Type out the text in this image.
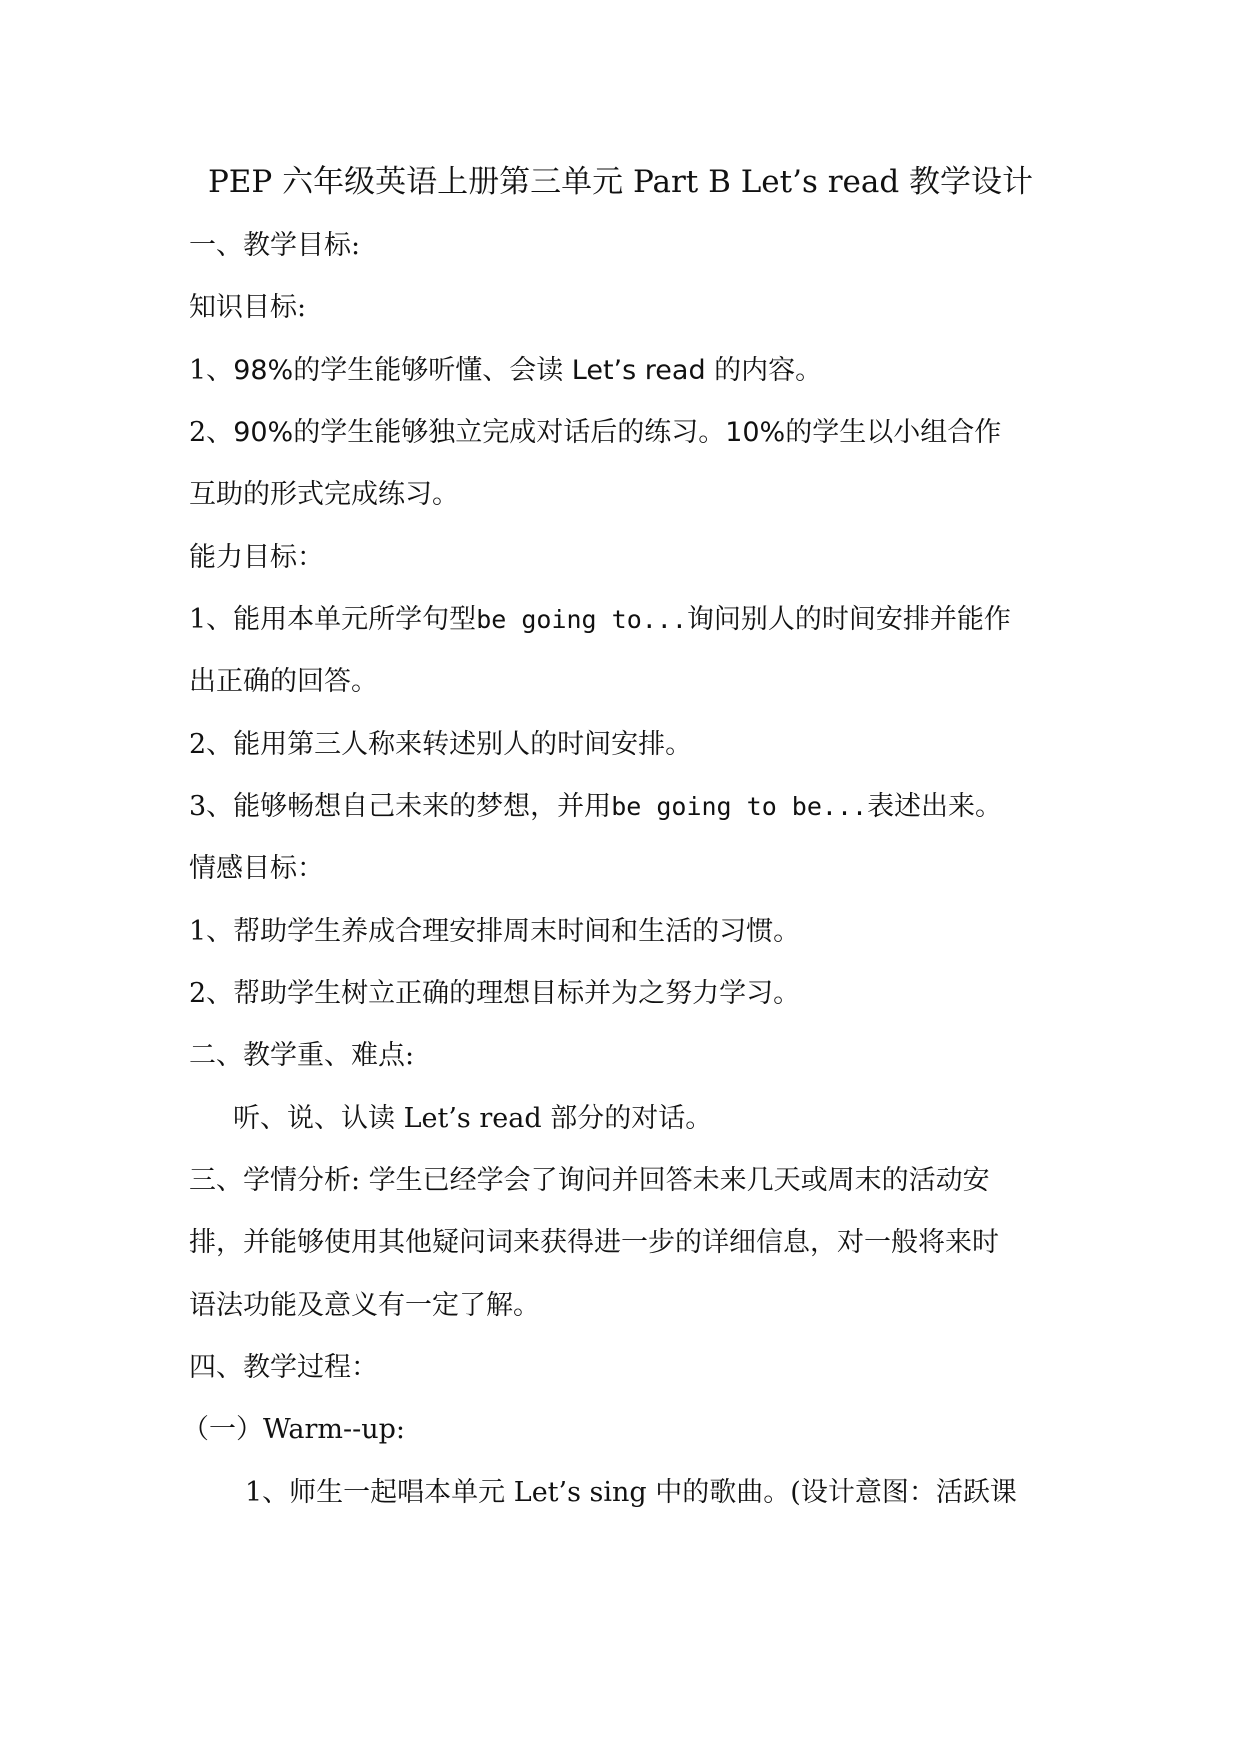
PEP 六年级英语上册第三单元 Part B Let’s read 教学设计
一、教学目标:
知识目标:
1、98%的学生能够听懂、会读 Let’s read 的内容。
2、90%的学生能够独立完成对话后的练习。10%的学生以小组合作
互助的形式完成练习。
能力目标：
1、能用本单元所学句型be going to...询问别人的时间安排并能作
出正确的回答。
2、能用第三人称来转述别人的时间安排。
3、能够畅想自己未来的梦想，并用be going to be...表述出来。
情感目标：
1、帮助学生养成合理安排周末时间和生活的习惯。
2、帮助学生树立正确的理想目标并为之努力学习。
二、教学重、难点:
听、说、认读 Let’s read 部分的对话。
三、学情分析: 学生已经学会了询问并回答未来几天或周末的活动安
排，并能够使用其他疑问词来获得进一步的详细信息，对一般将来时
语法功能及意义有一定了解。
四、教学过程：
（一）Warm--up:
1、师生一起唱本单元 Let’s sing 中的歌曲。(设计意图：活跃课
